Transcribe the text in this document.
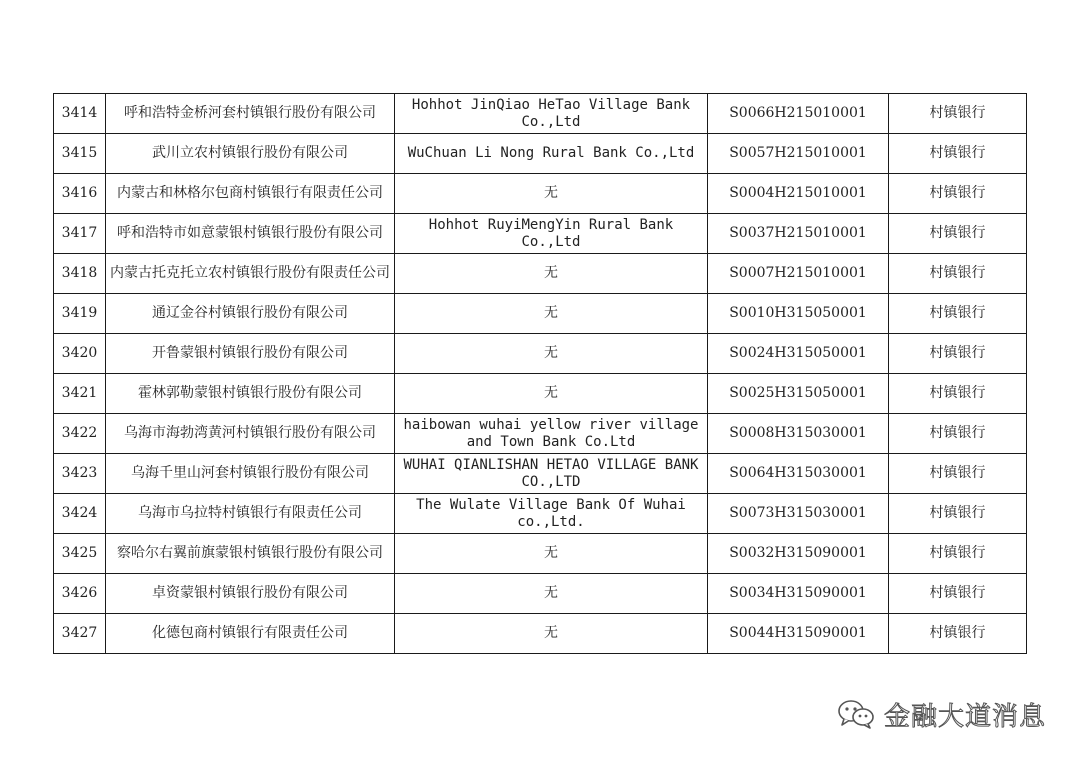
3414	呼和浩特金桥河套村镇银行股份有限公司	Hohhot JinQiao HeTao Village Bank Co.,Ltd	S0066H215010001	村镇银行
3415	武川立农村镇银行股份有限公司	WuChuan Li Nong Rural Bank Co.,Ltd	S0057H215010001	村镇银行
3416	内蒙古和林格尔包商村镇银行有限责任公司	无	S0004H215010001	村镇银行
3417	呼和浩特市如意蒙银村镇银行股份有限公司	Hohhot RuyiMengYin Rural Bank Co.,Ltd	S0037H215010001	村镇银行
3418	内蒙古托克托立农村镇银行股份有限责任公司	无	S0007H215010001	村镇银行
3419	通辽金谷村镇银行股份有限公司	无	S0010H315050001	村镇银行
3420	开鲁蒙银村镇银行股份有限公司	无	S0024H315050001	村镇银行
3421	霍林郭勒蒙银村镇银行股份有限公司	无	S0025H315050001	村镇银行
3422	乌海市海勃湾黄河村镇银行股份有限公司	haibowan wuhai yellow river village and Town Bank Co.Ltd	S0008H315030001	村镇银行
3423	乌海千里山河套村镇银行股份有限公司	WUHAI QIANLISHAN HETAO VILLAGE BANK CO.,LTD	S0064H315030001	村镇银行
3424	乌海市乌拉特村镇银行有限责任公司	The Wulate Village Bank Of Wuhai co.,Ltd.	S0073H315030001	村镇银行
3425	察哈尔右翼前旗蒙银村镇银行股份有限公司	无	S0032H315090001	村镇银行
3426	卓资蒙银村镇银行股份有限公司	无	S0034H315090001	村镇银行
3427	化德包商村镇银行有限责任公司	无	S0044H315090001	村镇银行
金融大道消息
